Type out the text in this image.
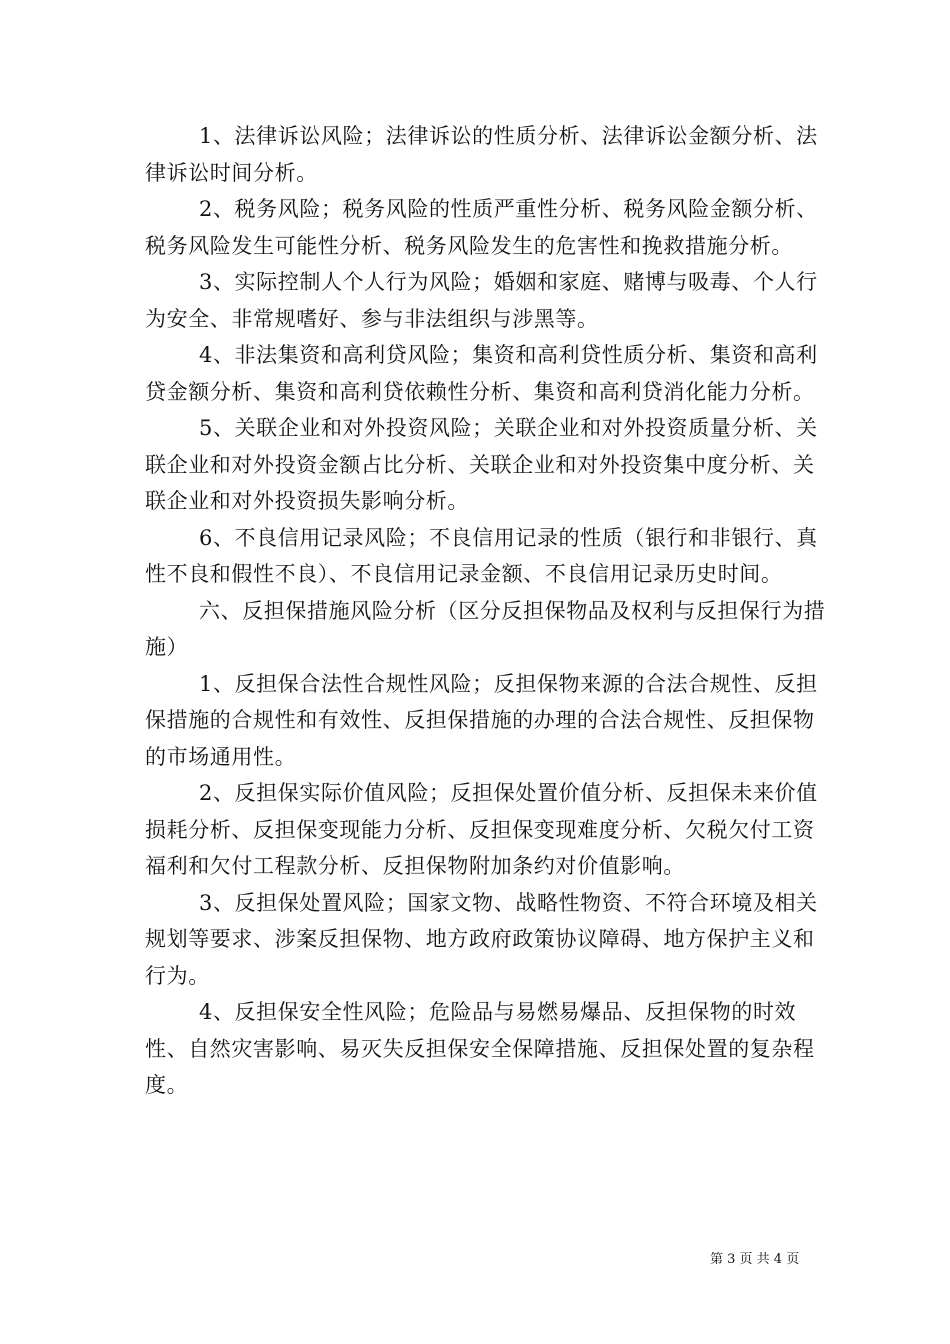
1、法律诉讼风险；法律诉讼的性质分析、法律诉讼金额分析、法律诉讼时间分析。

2、税务风险；税务风险的性质严重性分析、税务风险金额分析、税务风险发生可能性分析、税务风险发生的危害性和挽救措施分析。

3、实际控制人个人行为风险；婚姻和家庭、赌博与吸毒、个人行为安全、非常规嗜好、参与非法组织与涉黑等。

4、非法集资和高利贷风险；集资和高利贷性质分析、集资和高利贷金额分析、集资和高利贷依赖性分析、集资和高利贷消化能力分析。

5、关联企业和对外投资风险；关联企业和对外投资质量分析、关联企业和对外投资金额占比分析、关联企业和对外投资集中度分析、关联企业和对外投资损失影响分析。

6、不良信用记录风险；不良信用记录的性质（银行和非银行、真性不良和假性不良）、不良信用记录金额、不良信用记录历史时间。

六、反担保措施风险分析（区分反担保物品及权利与反担保行为措施）

1、反担保合法性合规性风险；反担保物来源的合法合规性、反担保措施的合规性和有效性、反担保措施的办理的合法合规性、反担保物的市场通用性。

2、反担保实际价值风险；反担保处置价值分析、反担保未来价值损耗分析、反担保变现能力分析、反担保变现难度分析、欠税欠付工资福利和欠付工程款分析、反担保物附加条约对价值影响。

3、反担保处置风险；国家文物、战略性物资、不符合环境及相关规划等要求、涉案反担保物、地方政府政策协议障碍、地方保护主义和行为。

4、反担保安全性风险；危险品与易燃易爆品、反担保物的时效性、自然灾害影响、易灭失反担保安全保障措施、反担保处置的复杂程度。

第 3 页 共 4 页
